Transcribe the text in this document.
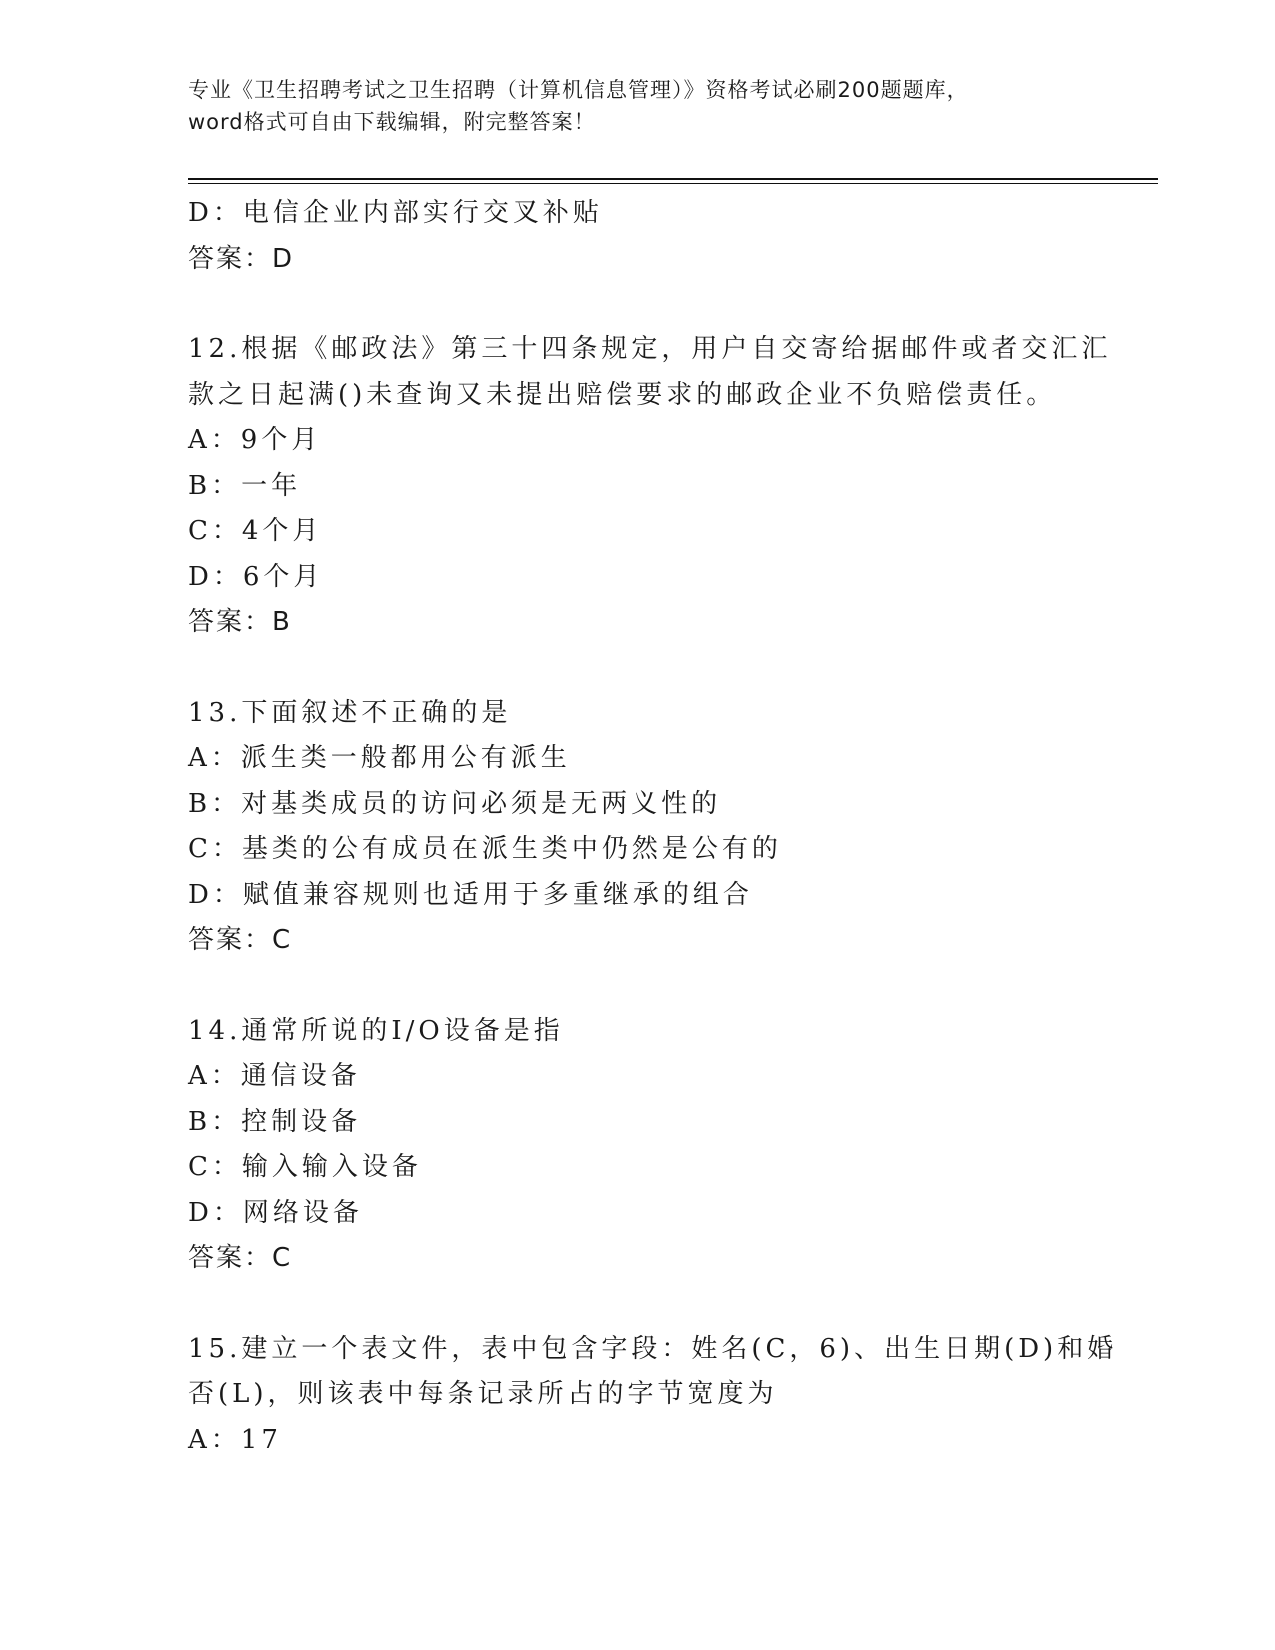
专业《卫生招聘考试之卫生招聘（计算机信息管理）》资格考试必刷200题题库，
word格式可自由下载编辑，附完整答案！
D：电信企业内部实行交叉补贴
答案：D
12.根据《邮政法》第三十四条规定，用户自交寄给据邮件或者交汇汇
款之日起满()未查询又未提出赔偿要求的邮政企业不负赔偿责任。
A：9个月
B：一年
C：4个月
D：6个月
答案：B
13.下面叙述不正确的是
A：派生类一般都用公有派生
B：对基类成员的访问必须是无两义性的
C：基类的公有成员在派生类中仍然是公有的
D：赋值兼容规则也适用于多重继承的组合
答案：C
14.通常所说的I/O设备是指
A：通信设备
B：控制设备
C：输入输入设备
D：网络设备
答案：C
15.建立一个表文件，表中包含字段：姓名(C，6)、出生日期(D)和婚
否(L)，则该表中每条记录所占的字节宽度为
A：17
